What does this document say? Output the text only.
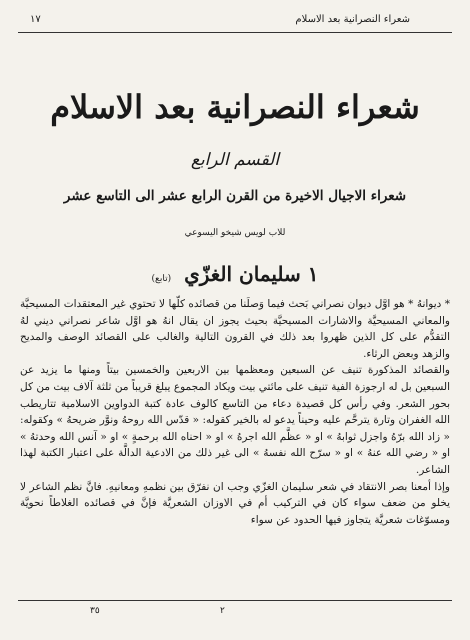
شعراء النصرانية بعد الاسلام
١٧
شعراء النصرانية بعد الاسلام
القسم الرابع
شعراء الاجيال الاخيرة من القرن الرابع عشر الى التاسع عشر
للاب لويس شيخو اليسوعي
١ سليمان الغزّي (تابع)

* ديوانهُ * هو اوَّل ديوان نصراني بَحث فيما وَصلَنا من قصائده كلّها لا تحتوي غير المعتقدات المسيحيَّة والمعاني المسيحيَّة والاشارات المسيحيَّة بحيث يجوز ان يقال انهُ هو اوَّل شاعر نصراني ديني لهُ التقدُّم على كل الذين ظهروا بعد ذلك في القرون التالية والغالب على القصائد الوصف والمديح والزهد وبعض الرثاء.

والقصائد المذكورة تنيف عن السبعين ومعظمها بين الاربعين والخمسين بيتاً ومنها ما يزيد عن السبعين بل له ارجوزة الفية تنيف على مائتي بيت ويكاد المجموع يبلغ قريباً من ثلثة آلاف بيت من كل بحور الشعر. وفي رأس كل قصيدة دعاء من التاسع كالوف عادة كتبة الدواوين الاسلامية تتاريطب الله الغفران وتارة يترحَّم عليه وحيناً يدعو له بالخير كقوله: « قدّس الله روحهُ ونوَّر ضريحهُ » وكقوله: « زاد الله برّهُ واجزل ثوابهُ » او « عظَّم الله اجرهُ » او « احناه الله برحمةٍ » او « آنس الله وحدتهُ » او « رضي الله عنهُ » او « سرّح الله نفسهُ » الى غير ذلك من الادعية الدالَّة على اعتبار الكتبة لهذا الشاعر.

وإذا أمعنا بصر الانتقاد في شعر سليمان الغزّي وجب ان نفرّق بين نظمهِ ومعانيهِ. فانَّ نظم الشاعر لا يخلو من ضعف سواء كان في التركيب أم في الاوزان الشعريَّة فإنَّ في قصائده الغلاطاً نحويَّة ومسوّغات شعريَّة يتجاوز فيها الحدود عن سواء

٢
٣٥
